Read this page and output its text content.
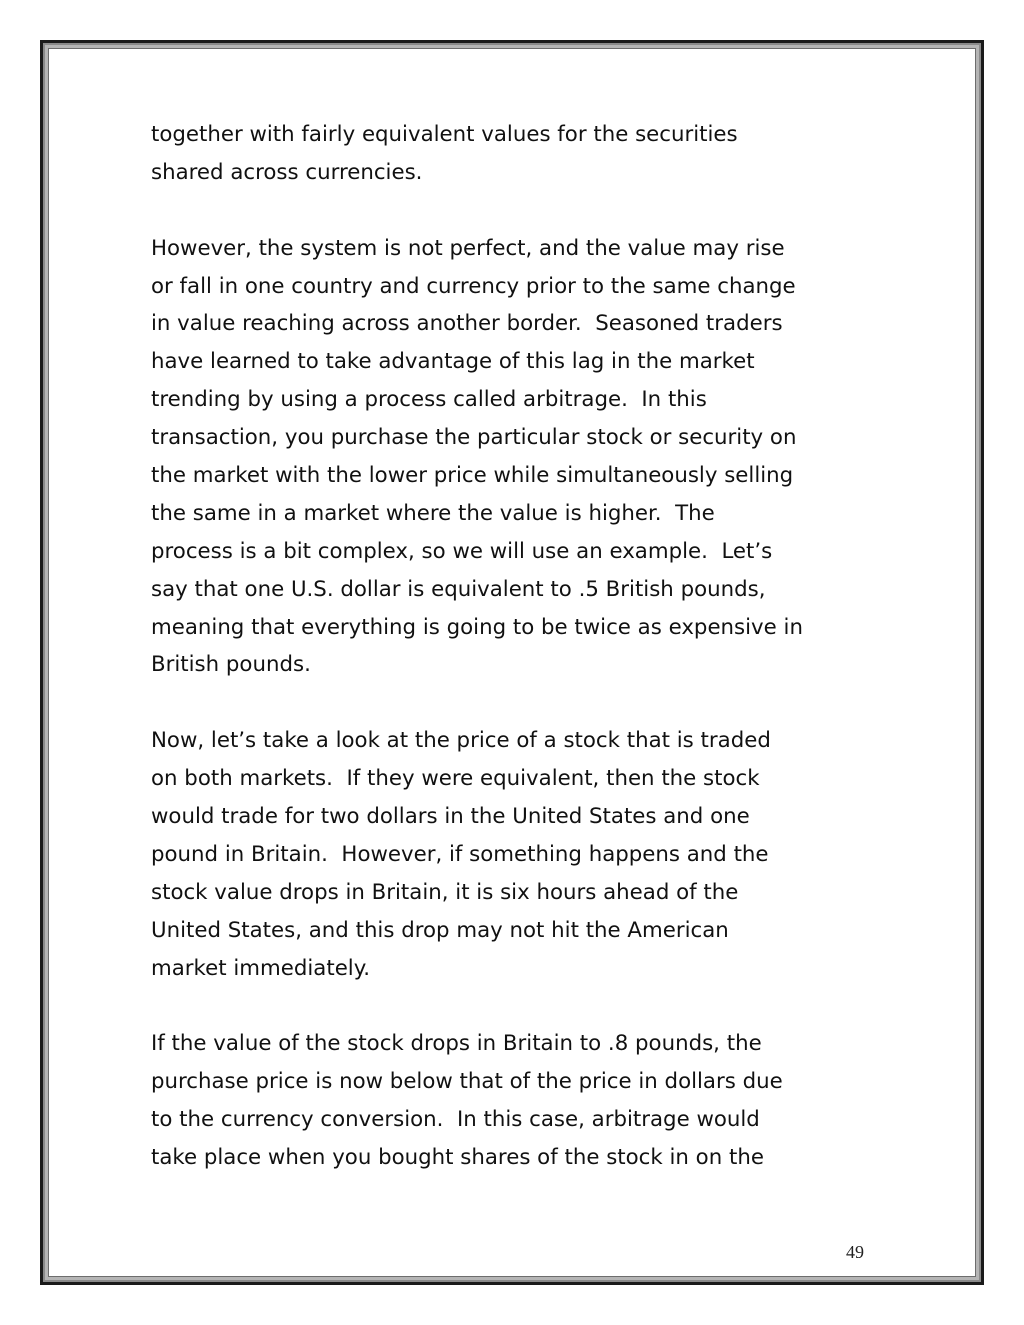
together with fairly equivalent values for the securities
shared across currencies.
However, the system is not perfect, and the value may rise
or fall in one country and currency prior to the same change
in value reaching across another border.  Seasoned traders
have learned to take advantage of this lag in the market
trending by using a process called arbitrage.  In this
transaction, you purchase the particular stock or security on
the market with the lower price while simultaneously selling
the same in a market where the value is higher.  The
process is a bit complex, so we will use an example.  Let’s
say that one U.S. dollar is equivalent to .5 British pounds,
meaning that everything is going to be twice as expensive in
British pounds.
Now, let’s take a look at the price of a stock that is traded
on both markets.  If they were equivalent, then the stock
would trade for two dollars in the United States and one
pound in Britain.  However, if something happens and the
stock value drops in Britain, it is six hours ahead of the
United States, and this drop may not hit the American
market immediately.
If the value of the stock drops in Britain to .8 pounds, the
purchase price is now below that of the price in dollars due
to the currency conversion.  In this case, arbitrage would
take place when you bought shares of the stock in on the
49
